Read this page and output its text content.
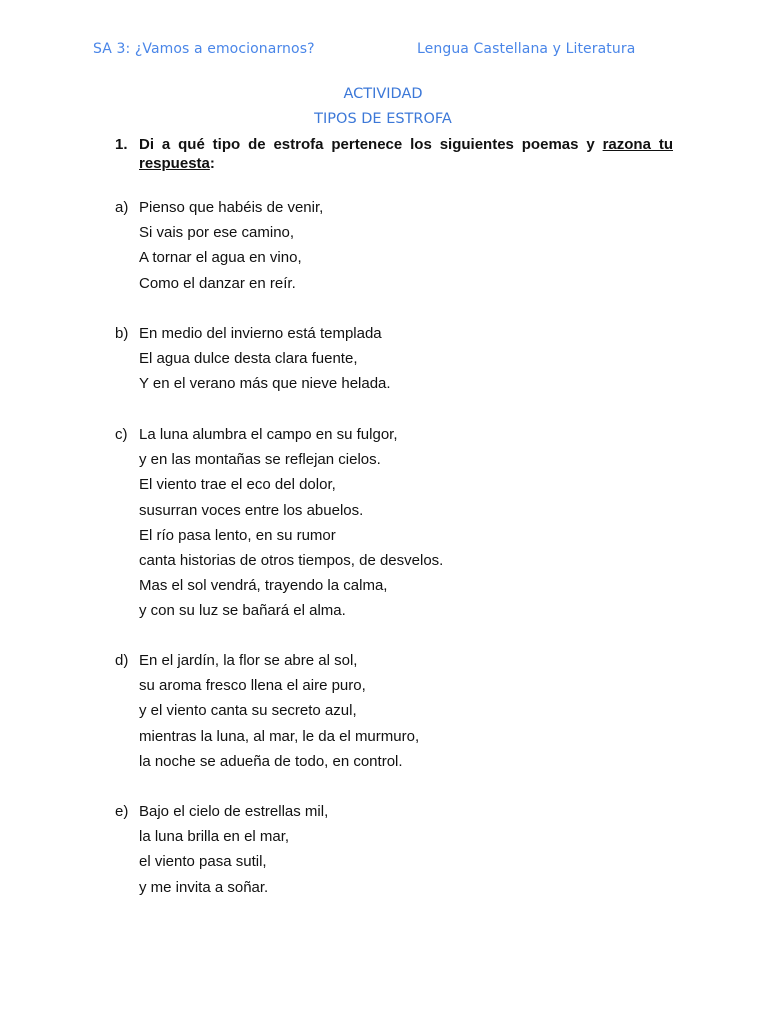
SA 3: ¿Vamos a emocionarnos?	Lengua Castellana y Literatura
ACTIVIDAD
TIPOS DE ESTROFA
1. Di a qué tipo de estrofa pertenece los siguientes poemas y razona tu respuesta:
a) Pienso que habéis de venir,
Si vais por ese camino,
A tornar el agua en vino,
Como el danzar en reír.
b) En medio del invierno está templada
El agua dulce desta clara fuente,
Y en el verano más que nieve helada.
c) La luna alumbra el campo en su fulgor,
y en las montañas se reflejan cielos.
El viento trae el eco del dolor,
susurran voces entre los abuelos.
El río pasa lento, en su rumor
canta historias de otros tiempos, de desvelos.
Mas el sol vendrá, trayendo la calma,
y con su luz se bañará el alma.
d) En el jardín, la flor se abre al sol,
su aroma fresco llena el aire puro,
y el viento canta su secreto azul,
mientras la luna, al mar, le da el murmuro,
la noche se adueña de todo, en control.
e) Bajo el cielo de estrellas mil,
la luna brilla en el mar,
el viento pasa sutil,
y me invita a soñar.
